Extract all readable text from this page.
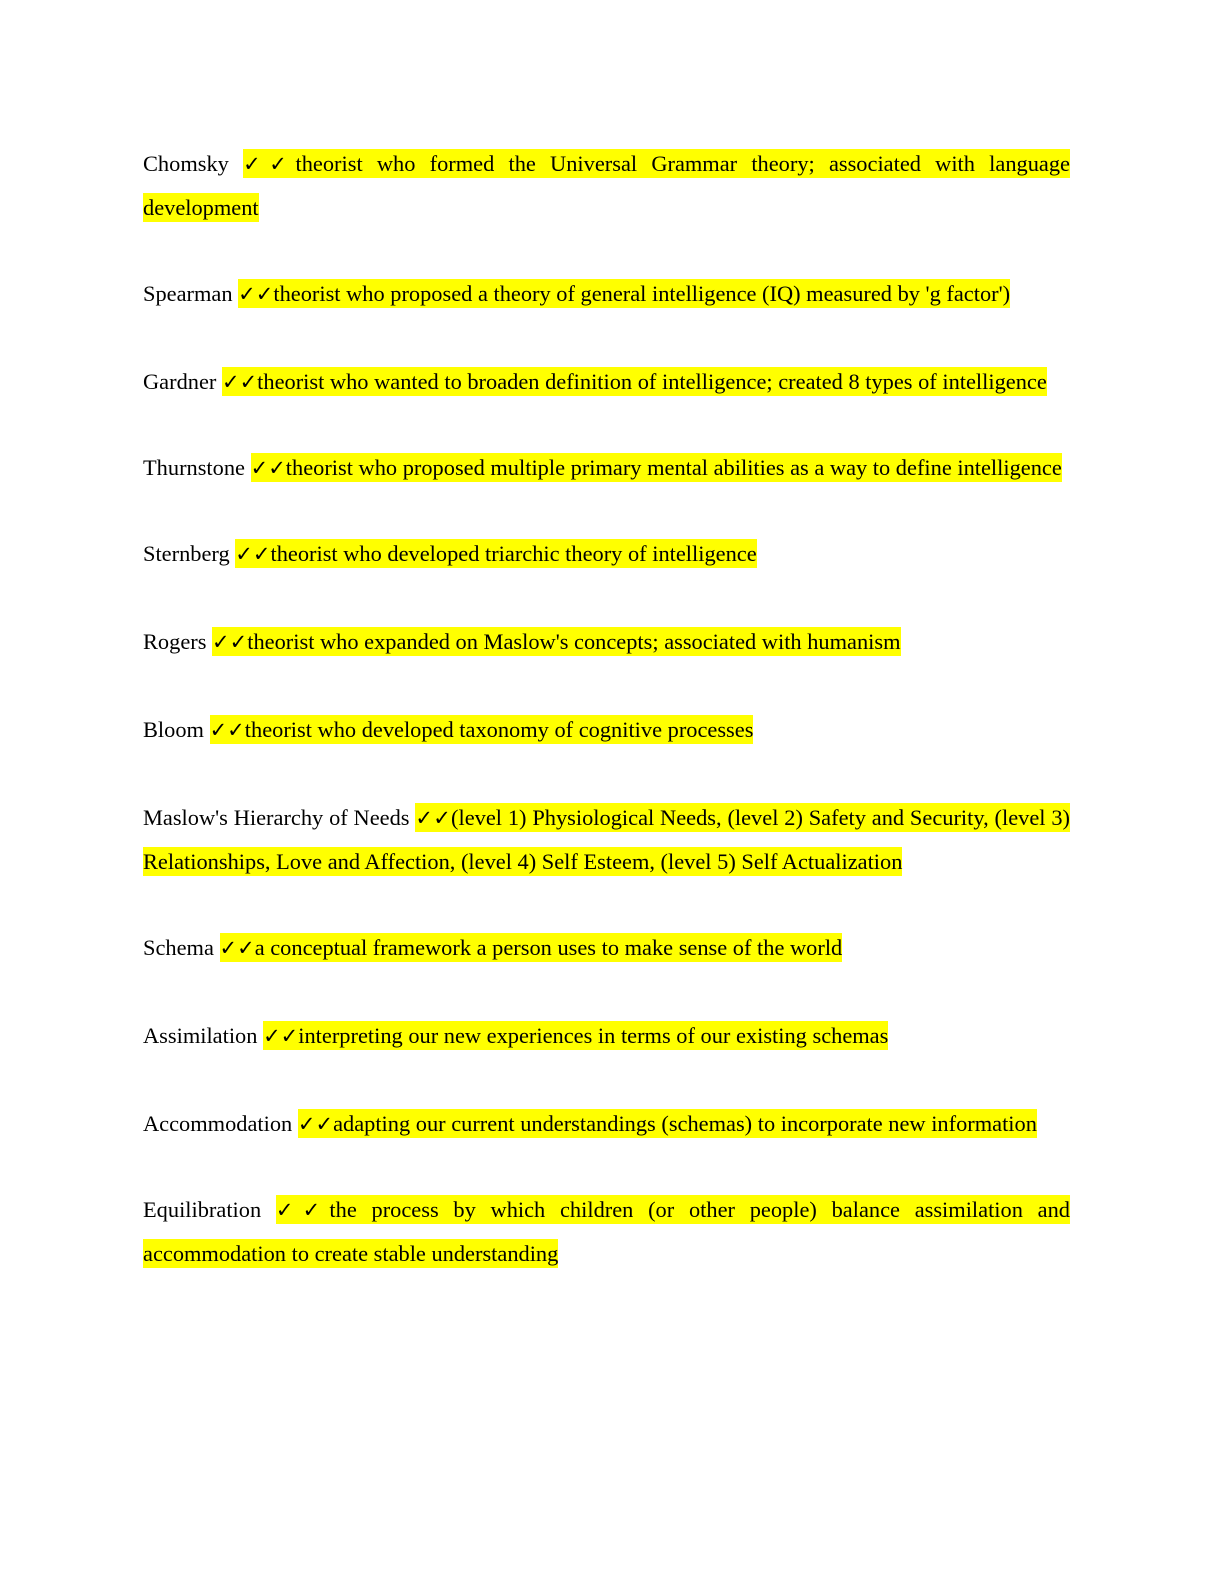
Chomsky ✓✓theorist who formed the Universal Grammar theory; associated with language development

Spearman ✓✓theorist who proposed a theory of general intelligence (IQ) measured by 'g factor')

Gardner ✓✓theorist who wanted to broaden definition of intelligence; created 8 types of intelligence

Thurnstone ✓✓theorist who proposed multiple primary mental abilities as a way to define intelligence

Sternberg ✓✓theorist who developed triarchic theory of intelligence

Rogers ✓✓theorist who expanded on Maslow's concepts; associated with humanism

Bloom ✓✓theorist who developed taxonomy of cognitive processes

Maslow's Hierarchy of Needs ✓✓(level 1) Physiological Needs, (level 2) Safety and Security, (level 3) Relationships, Love and Affection, (level 4) Self Esteem, (level 5) Self Actualization

Schema ✓✓a conceptual framework a person uses to make sense of the world

Assimilation ✓✓interpreting our new experiences in terms of our existing schemas

Accommodation ✓✓adapting our current understandings (schemas) to incorporate new information

Equilibration ✓✓the process by which children (or other people) balance assimilation and accommodation to create stable understanding
